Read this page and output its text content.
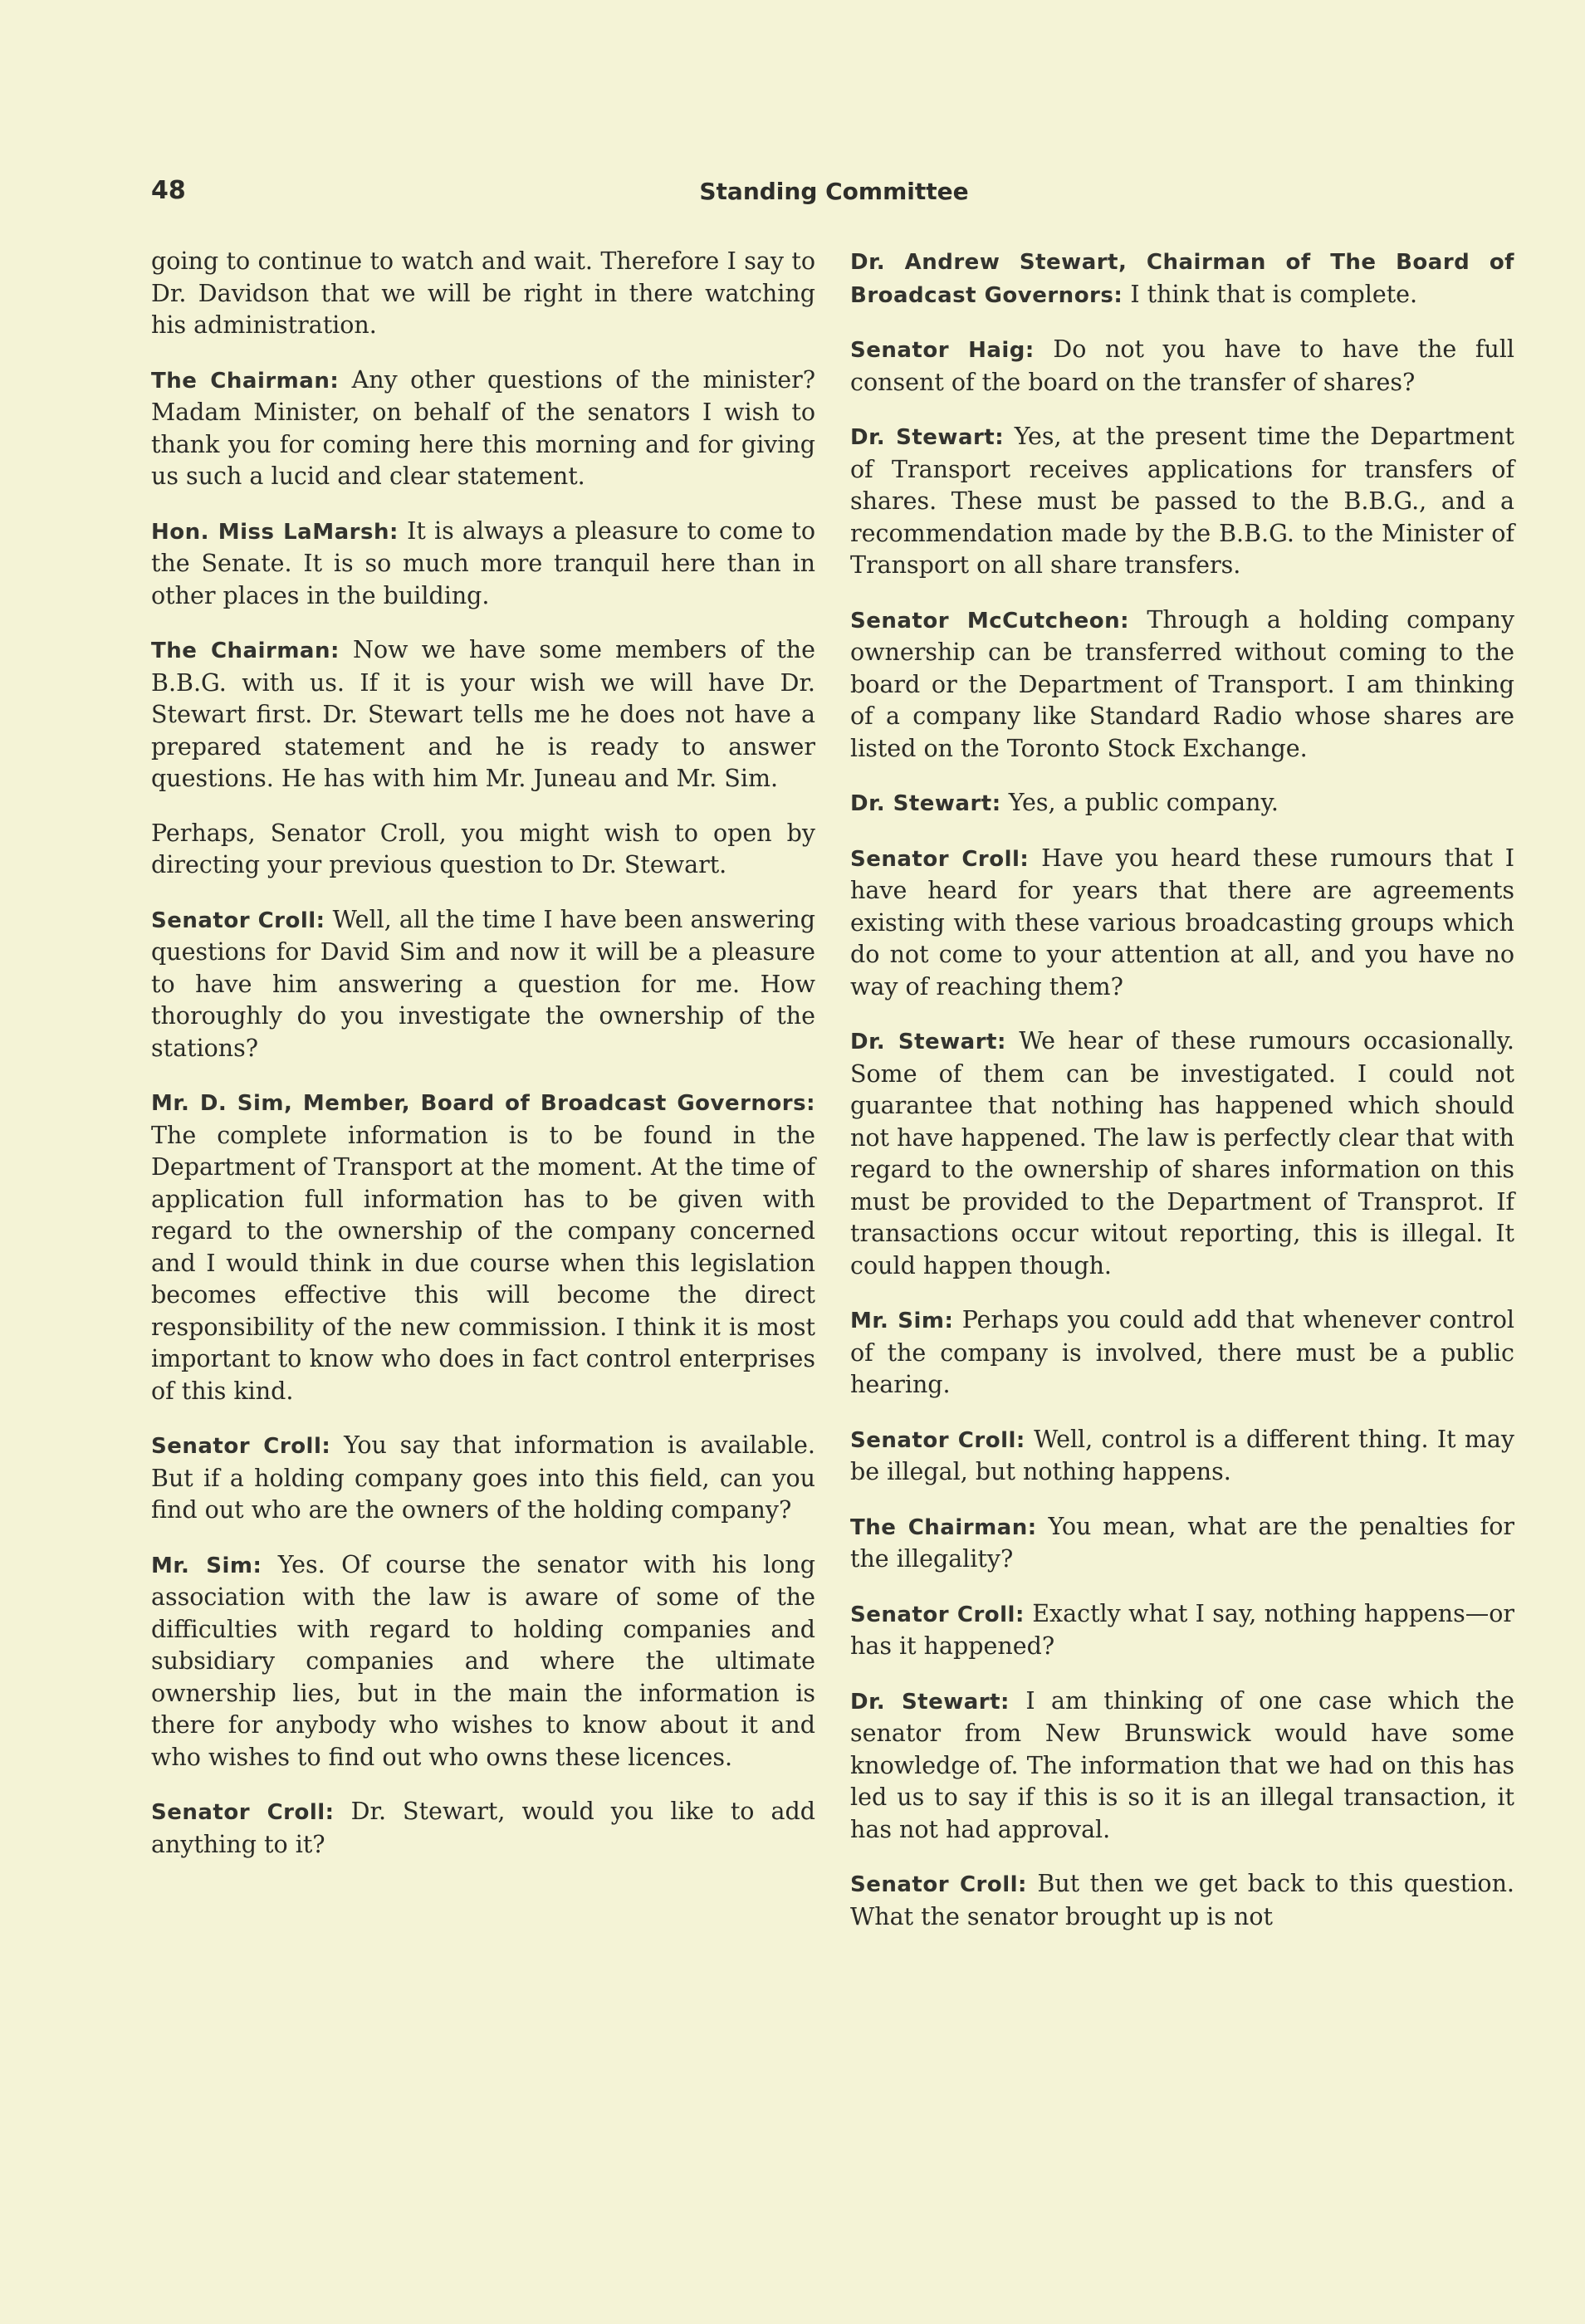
48	Standing Committee

going to continue to watch and wait. Therefore I say to Dr. Davidson that we will be right in there watching his administration.

The Chairman: Any other questions of the minister? Madam Minister, on behalf of the senators I wish to thank you for coming here this morning and for giving us such a lucid and clear statement.

Hon. Miss LaMarsh: It is always a pleasure to come to the Senate. It is so much more tranquil here than in other places in the building.

The Chairman: Now we have some members of the B.B.G. with us. If it is your wish we will have Dr. Stewart first. Dr. Stewart tells me he does not have a prepared statement and he is ready to answer questions. He has with him Mr. Juneau and Mr. Sim.

Perhaps, Senator Croll, you might wish to open by directing your previous question to Dr. Stewart.

Senator Croll: Well, all the time I have been answering questions for David Sim and now it will be a pleasure to have him answering a question for me. How thoroughly do you investigate the ownership of the stations?

Mr. D. Sim, Member, Board of Broadcast Governors: The complete information is to be found in the Department of Transport at the moment. At the time of application full information has to be given with regard to the ownership of the company concerned and I would think in due course when this legislation becomes effective this will become the direct responsibility of the new commission. I think it is most important to know who does in fact control enterprises of this kind.

Senator Croll: You say that information is available. But if a holding company goes into this field, can you find out who are the owners of the holding company?

Mr. Sim: Yes. Of course the senator with his long association with the law is aware of some of the difficulties with regard to holding companies and subsidiary companies and where the ultimate ownership lies, but in the main the information is there for anybody who wishes to know about it and who wishes to find out who owns these licences.

Senator Croll: Dr. Stewart, would you like to add anything to it?

Dr. Andrew Stewart, Chairman of The Board of Broadcast Governors: I think that is complete.

Senator Haig: Do not you have to have the full consent of the board on the transfer of shares?

Dr. Stewart: Yes, at the present time the Department of Transport receives applications for transfers of shares. These must be passed to the B.B.G., and a recommendation made by the B.B.G. to the Minister of Transport on all share transfers.

Senator McCutcheon: Through a holding company ownership can be transferred without coming to the board or the Department of Transport. I am thinking of a company like Standard Radio whose shares are listed on the Toronto Stock Exchange.

Dr. Stewart: Yes, a public company.

Senator Croll: Have you heard these rumours that I have heard for years that there are agreements existing with these various broadcasting groups which do not come to your attention at all, and you have no way of reaching them?

Dr. Stewart: We hear of these rumours occasionally. Some of them can be investigated. I could not guarantee that nothing has happened which should not have happened. The law is perfectly clear that with regard to the ownership of shares information on this must be provided to the Department of Transprot. If transactions occur witout reporting, this is illegal. It could happen though.

Mr. Sim: Perhaps you could add that whenever control of the company is involved, there must be a public hearing.

Senator Croll: Well, control is a different thing. It may be illegal, but nothing happens.

The Chairman: You mean, what are the penalties for the illegality?

Senator Croll: Exactly what I say, nothing happens—or has it happened?

Dr. Stewart: I am thinking of one case which the senator from New Brunswick would have some knowledge of. The information that we had on this has led us to say if this is so it is an illegal transaction, it has not had approval.

Senator Croll: But then we get back to this question. What the senator brought up is not
